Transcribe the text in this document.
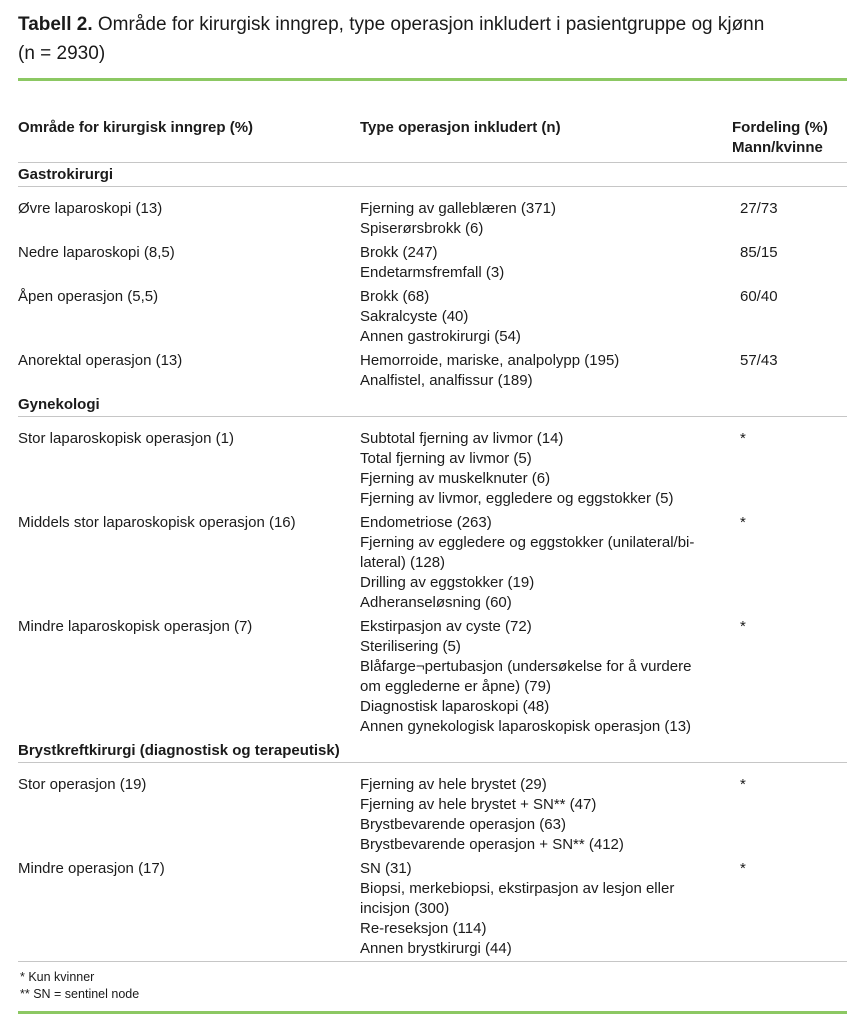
Tabell 2. Område for kirurgisk inngrep, type operasjon inkludert i pasientgruppe og kjønn
(n = 2930)
Område for kirurgisk inngrep (%)	Type operasjon inkludert (n)	Fordeling (%)
Mann/kvinne

Gastrokirurgi		
Øvre laparoskopi (13)	Fjerning av galleblæren (371)
Spiserørsbrokk (6)	27/73
Nedre laparoskopi (8,5)	Brokk (247)
Endetarmsfremfall (3)	85/15
Åpen operasjon (5,5)	Brokk (68)
Sakralcyste (40)
Annen gastrokirurgi (54)	60/40
Anorektal operasjon (13)	Hemorroide, mariske, analpolypp (195)
Analfistel, analfissur (189)	57/43
Gynekologi		
Stor laparoskopisk operasjon (1)	Subtotal fjerning av livmor (14)
Total fjerning av livmor (5)
Fjerning av muskelknuter (6)
Fjerning av livmor, eggledere og eggstokker (5)	*
Middels stor laparoskopisk operasjon (16)	Endometriose (263)
Fjerning av eggledere og eggstokker (unilateral/bi-
lateral) (128)
Drilling av eggstokker (19)
Adheranseløsning (60)	*
Mindre laparoskopisk operasjon (7)	Ekstirpasjon av cyste (72)
Sterilisering (5)
Blåfarge¬pertubasjon (undersøkelse for å vurdere
om egglederne er åpne) (79)
Diagnostisk laparoskopi (48)
Annen gynekologisk laparoskopisk operasjon (13)
	*
Brystkreftkirurgi (diagnostisk og terapeutisk)		
Stor operasjon (19)	Fjerning av hele brystet (29)
Fjerning av hele brystet + SN** (47)
Brystbevarende operasjon (63)
Brystbevarende operasjon + SN** (412)	*
Mindre operasjon (17)	SN (31)
Biopsi, merkebiopsi, ekstirpasjon av lesjon eller
incisjon (300)
Re-reseksjon (114)
Annen brystkirurgi (44)	*
* Kun kvinner
** SN = sentinel node
